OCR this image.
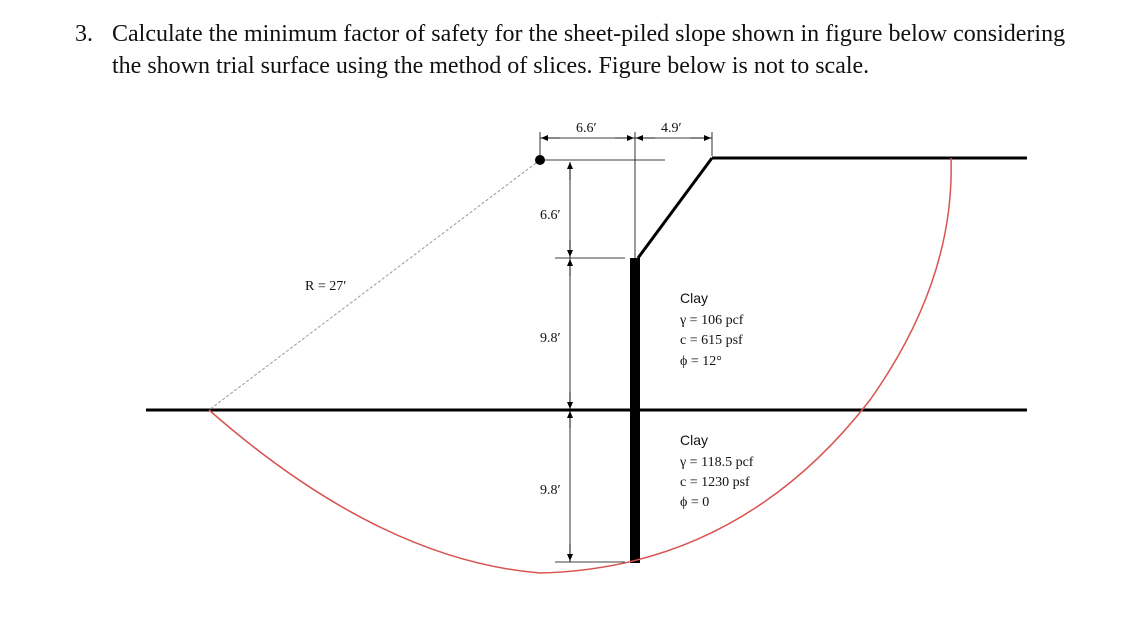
3. Calculate the minimum factor of safety for the sheet-piled slope shown in figure below considering the shown trial surface using the method of slices. Figure below is not to scale.
6.6′	4.9′
6.6′
9.8′
9.8′
R = 27′
Clay
γ = 106 pcf
c = 615 psf
ϕ = 12°
Clay
γ = 118.5 pcf
c = 1230 psf
ϕ = 0
